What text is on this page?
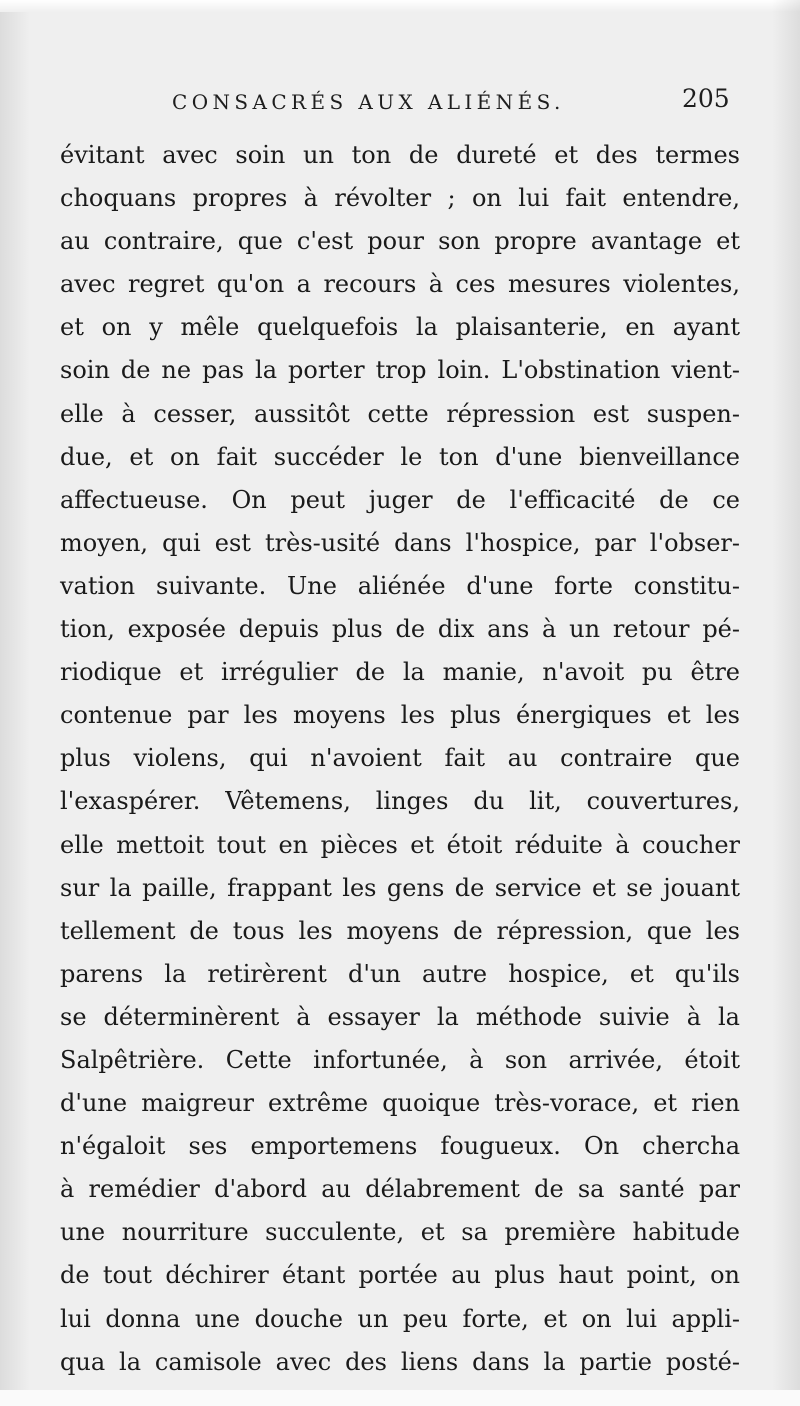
CONSACRÉS AUX ALIÉNÉS.	205
évitant avec soin un ton de dureté et des termes
choquans propres à révolter ; on lui fait entendre,
au contraire, que c'est pour son propre avantage et
avec regret qu'on a recours à ces mesures violentes,
et on y mêle quelquefois la plaisanterie, en ayant
soin de ne pas la porter trop loin. L'obstination vient-
elle à cesser, aussitôt cette répression est suspen-
due, et on fait succéder le ton d'une bienveillance
affectueuse. On peut juger de l'efficacité de ce
moyen, qui est très-usité dans l'hospice, par l'obser-
vation suivante. Une aliénée d'une forte constitu-
tion, exposée depuis plus de dix ans à un retour pé-
riodique et irrégulier de la manie, n'avoit pu être
contenue par les moyens les plus énergiques et les
plus violens, qui n'avoient fait au contraire que
l'exaspérer. Vêtemens, linges du lit, couvertures,
elle mettoit tout en pièces et étoit réduite à coucher
sur la paille, frappant les gens de service et se jouant
tellement de tous les moyens de répression, que les
parens la retirèrent d'un autre hospice, et qu'ils
se déterminèrent à essayer la méthode suivie à la
Salpêtrière. Cette infortunée, à son arrivée, étoit
d'une maigreur extrême quoique très-vorace, et rien
n'égaloit ses emportemens fougueux. On chercha
à remédier d'abord au délabrement de sa santé par
une nourriture succulente, et sa première habitude
de tout déchirer étant portée au plus haut point, on
lui donna une douche un peu forte, et on lui appli-
qua la camisole avec des liens dans la partie posté-
